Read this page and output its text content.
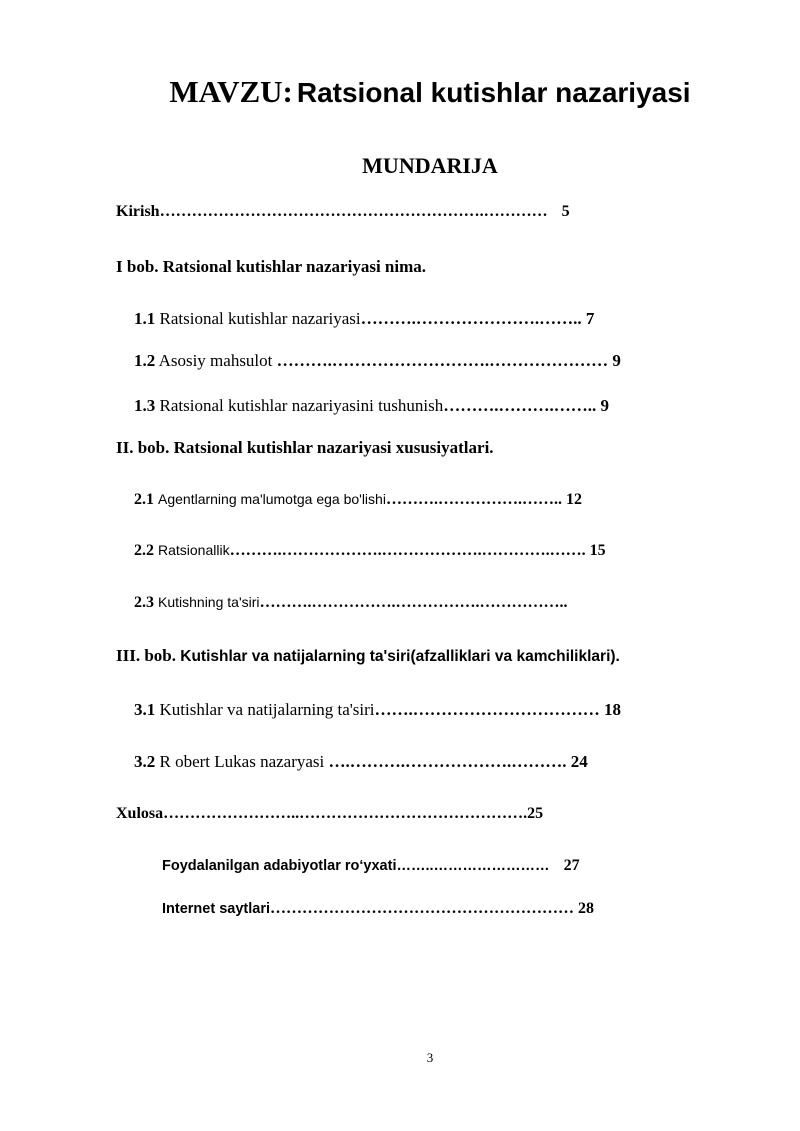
MAVZU: Ratsional kutishlar nazariyasi
MUNDARIJA
Kirish…………………………………………………….………… 5
I bob. Ratsional kutishlar nazariyasi nima.
1.1 Ratsional kutishlar nazariyasi……….………………….…….. 7
1.2 Asosiy mahsulot ……….……………………….………………… 9
1.3 Ratsional kutishlar nazariyasini tushunish……….……….…….. 9
II. bob. Ratsional kutishlar nazariyasi xususiyatlari.
2.1 Agentlarning ma'lumotga ega bo'lishi……….…………….…….. 12
2.2 Ratsionallik……….……………….……………….………….……. 15
2.3 Kutishning ta'siri……….…………….…………….……………..
III. bob. Kutishlar va natijalarning ta'siri(afzalliklari va kamchiliklari).
3.1 Kutishlar va natijalarning ta'siri…….…………………………… 18
3.2 R obert Lukas nazaryasi ….……….……………….………. 24
Xulosa……………………..…………………………………….25
Foydalanilgan adabiyotlar ro‘yxati……..…………………… 27
Internet saytlari………………………………………………… 28
3
